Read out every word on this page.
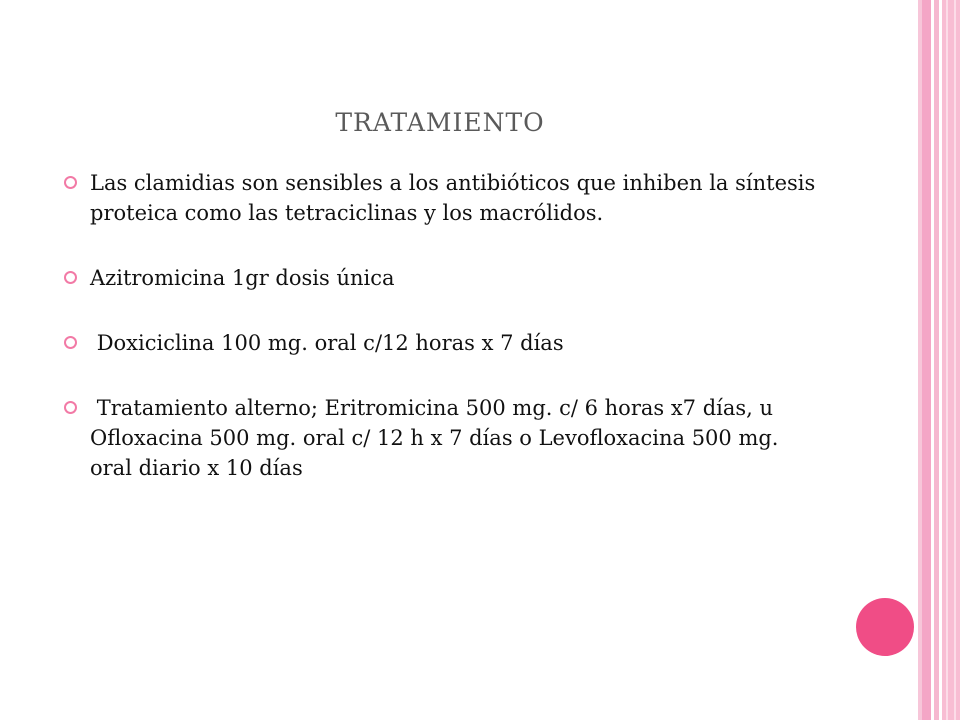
TRATAMIENTO
Las clamidias son sensibles a los antibióticos que inhiben la síntesis proteica como las tetraciclinas y los macrólidos.
Azitromicina 1gr dosis única
Doxiciclina 100 mg. oral c/12 horas x 7 días
Tratamiento alterno; Eritromicina 500 mg. c/ 6 horas x7 días, u Ofloxacina 500 mg. oral c/ 12 h x 7 días o Levofloxacina 500 mg. oral diario x 10 días
